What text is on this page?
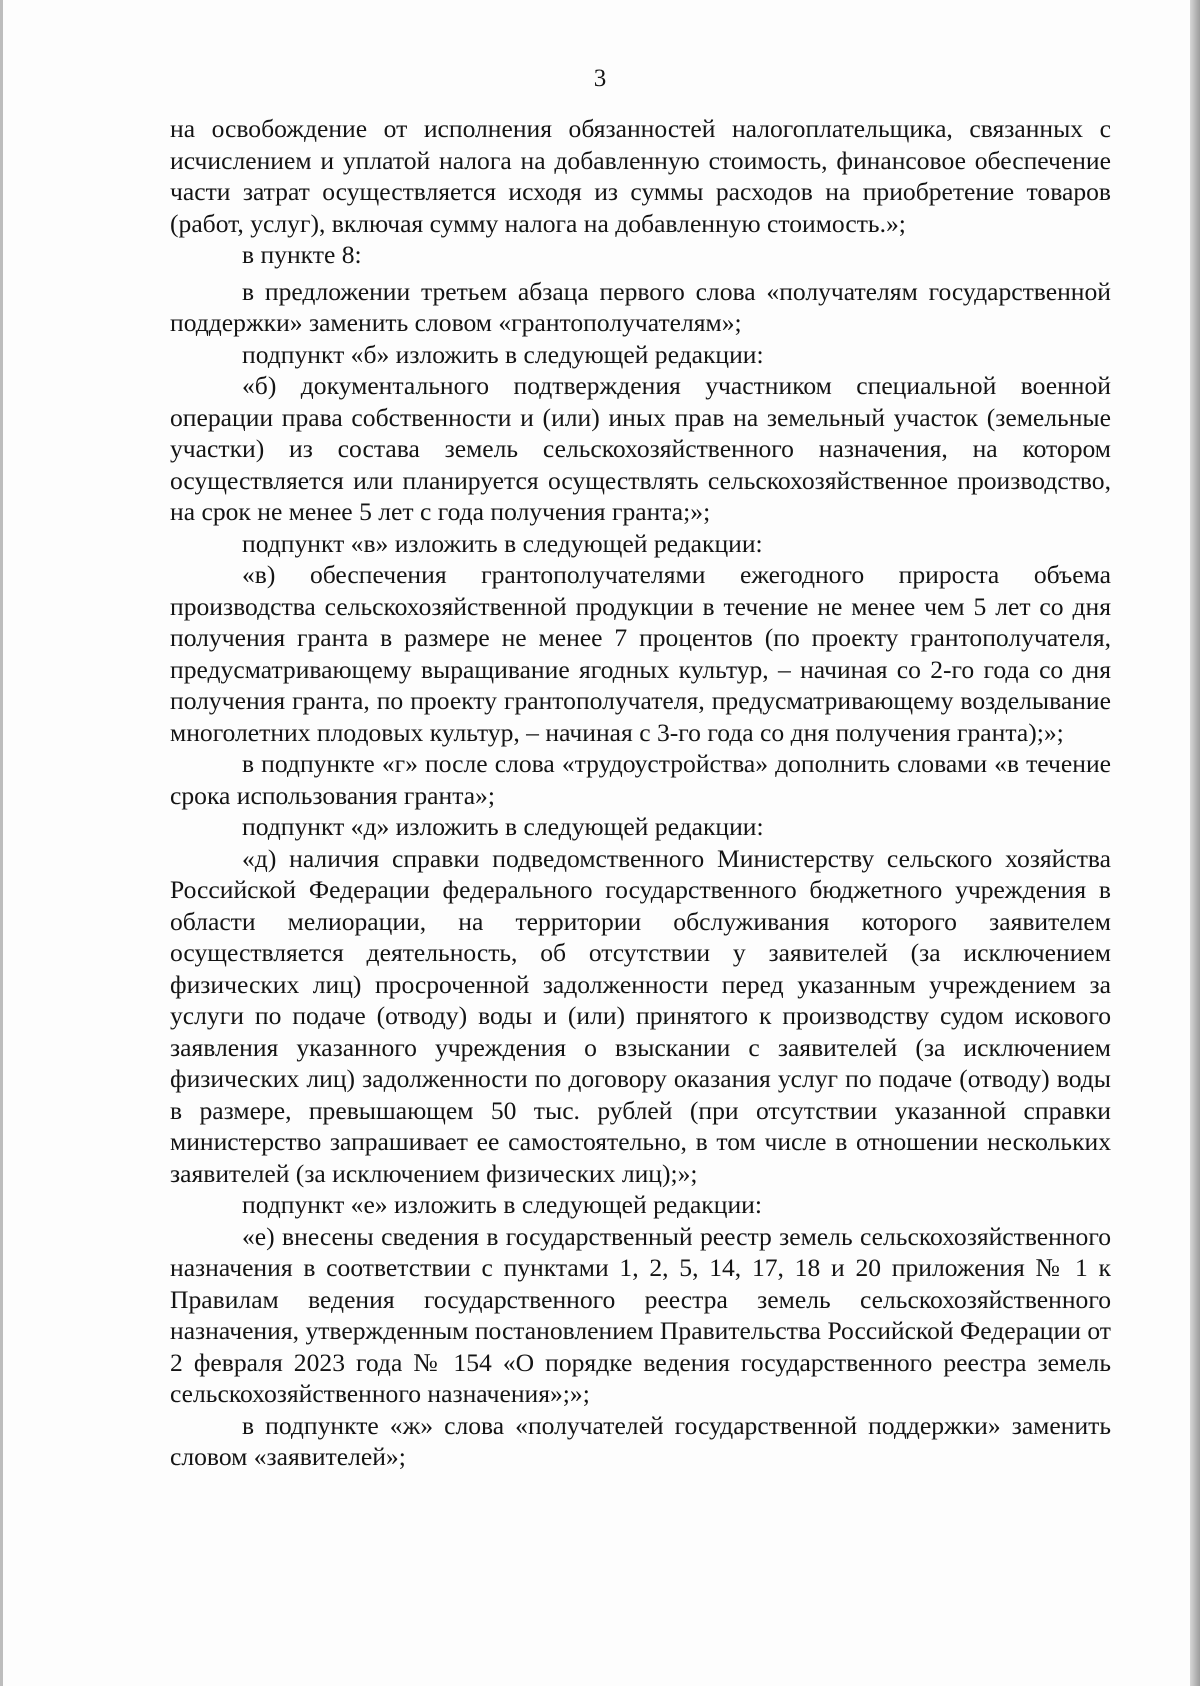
3

на освобождение от исполнения обязанностей налогоплательщика, связанных с исчислением и уплатой налога на добавленную стоимость, финансовое обеспечение части затрат осуществляется исходя из суммы расходов на приобретение товаров (работ, услуг), включая сумму налога на добавленную стоимость.»;

в пункте 8:

в предложении третьем абзаца первого слова «получателям государственной поддержки» заменить словом «грантополучателям»;

подпункт «б» изложить в следующей редакции:

«б) документального подтверждения участником специальной военной операции права собственности и (или) иных прав на земельный участок (земельные участки) из состава земель сельскохозяйственного назначения, на котором осуществляется или планируется осуществлять сельскохозяйственное производство, на срок не менее 5 лет с года получения гранта;»;

подпункт «в» изложить в следующей редакции:

«в) обеспечения грантополучателями ежегодного прироста объема производства сельскохозяйственной продукции в течение не менее чем 5 лет со дня получения гранта в размере не менее 7 процентов (по проекту грантополучателя, предусматривающему выращивание ягодных культур, – начиная со 2-го года со дня получения гранта, по проекту грантополучателя, предусматривающему возделывание многолетних плодовых культур, – начиная с 3-го года со дня получения гранта);»;

в подпункте «г» после слова «трудоустройства» дополнить словами «в течение срока использования гранта»;

подпункт «д» изложить в следующей редакции:

«д) наличия справки подведомственного Министерству сельского хозяйства Российской Федерации федерального государственного бюджетного учреждения в области мелиорации, на территории обслуживания которого заявителем осуществляется деятельность, об отсутствии у заявителей (за исключением физических лиц) просроченной задолженности перед указанным учреждением за услуги по подаче (отводу) воды и (или) принятого к производству судом искового заявления указанного учреждения о взыскании с заявителей (за исключением физических лиц) задолженности по договору оказания услуг по подаче (отводу) воды в размере, превышающем 50 тыс. рублей (при отсутствии указанной справки министерство запрашивает ее самостоятельно, в том числе в отношении нескольких заявителей (за исключением физических лиц);»;

подпункт «е» изложить в следующей редакции:

«е) внесены сведения в государственный реестр земель сельскохозяйственного назначения в соответствии с пунктами 1, 2, 5, 14, 17, 18 и 20 приложения № 1 к Правилам ведения государственного реестра земель сельскохозяйственного назначения, утвержденным постановлением Правительства Российской Федерации от 2 февраля 2023 года № 154 «О порядке ведения государственного реестра земель сельскохозяйственного назначения»;»;

в подпункте «ж» слова «получателей государственной поддержки» заменить словом «заявителей»;
